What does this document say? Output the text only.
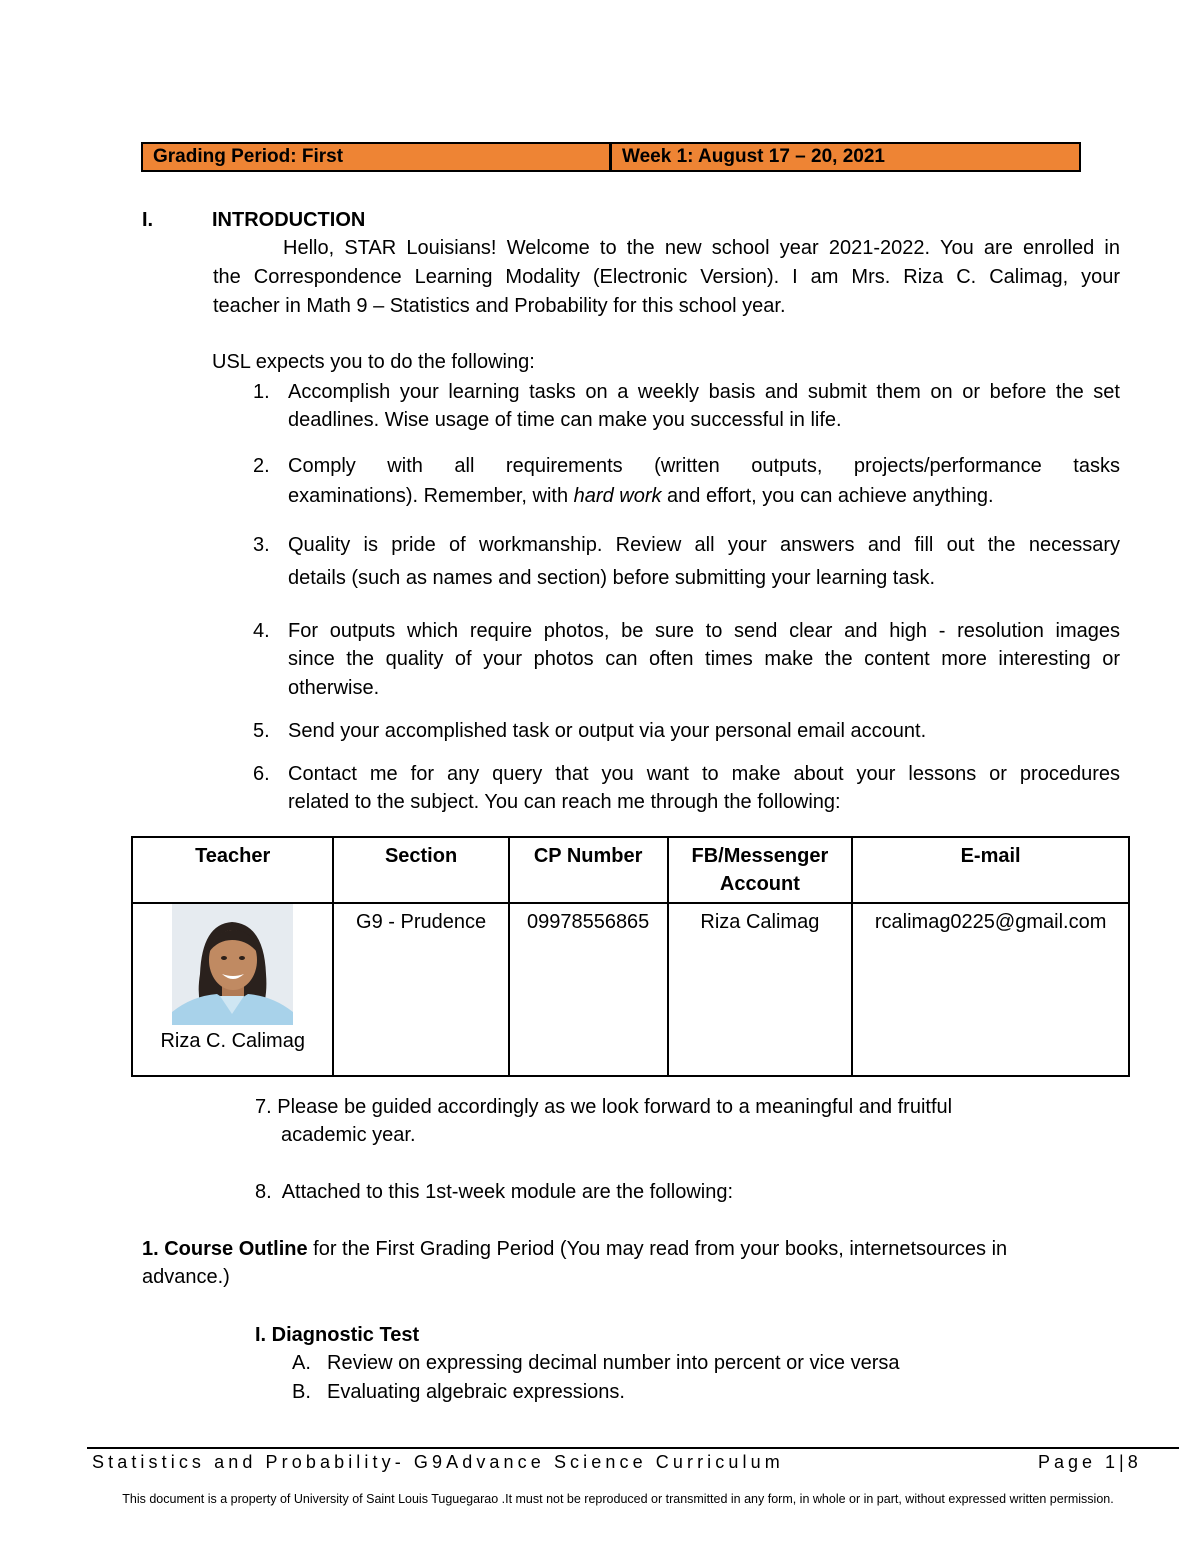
Grading Period: First	Week 1: August 17 – 20, 2021
I.	INTRODUCTION
Hello, STAR Louisians! Welcome to the new school year 2021-2022. You are enrolled in
the Correspondence Learning Modality (Electronic Version). I am Mrs. Riza C. Calimag, your
teacher in Math 9 – Statistics and Probability for this school year.
USL expects you to do the following:
1. Accomplish your learning tasks on a weekly basis and submit them on or before the set
deadlines. Wise usage of time can make you successful in life.
2. Comply with all requirements (written outputs, projects/performance tasks
examinations). Remember, with hard work and effort, you can achieve anything.
3. Quality is pride of workmanship. Review all your answers and fill out the necessary
details (such as names and section) before submitting your learning task.
4. For outputs which require photos, be sure to send clear and high - resolution images
since the quality of your photos can often times make the content more interesting or
otherwise.
5. Send your accomplished task or output via your personal email account.
6. Contact me for any query that you want to make about your lessons or procedures
related to the subject. You can reach me through the following:
Teacher	Section	CP Number	FB/Messenger Account	E-mail

Riza C. Calimag	G9 - Prudence	09978556865	Riza Calimag	rcalimag0225@gmail.com
7. Please be guided accordingly as we look forward to a meaningful and fruitful
academic year.
8.  Attached to this 1st-week module are the following:
1. Course Outline for the First Grading Period (You may read from your books, internetsources in
advance.)
I. Diagnostic Test
A. Review on expressing decimal number into percent or vice versa
B. Evaluating algebraic expressions.
Statistics and Probability- G9Advance Science Curriculum	Page 1|8
This document is a property of University of Saint Louis Tuguegarao .It must not be reproduced or transmitted in any form, in whole or in part, without expressed written permission.
